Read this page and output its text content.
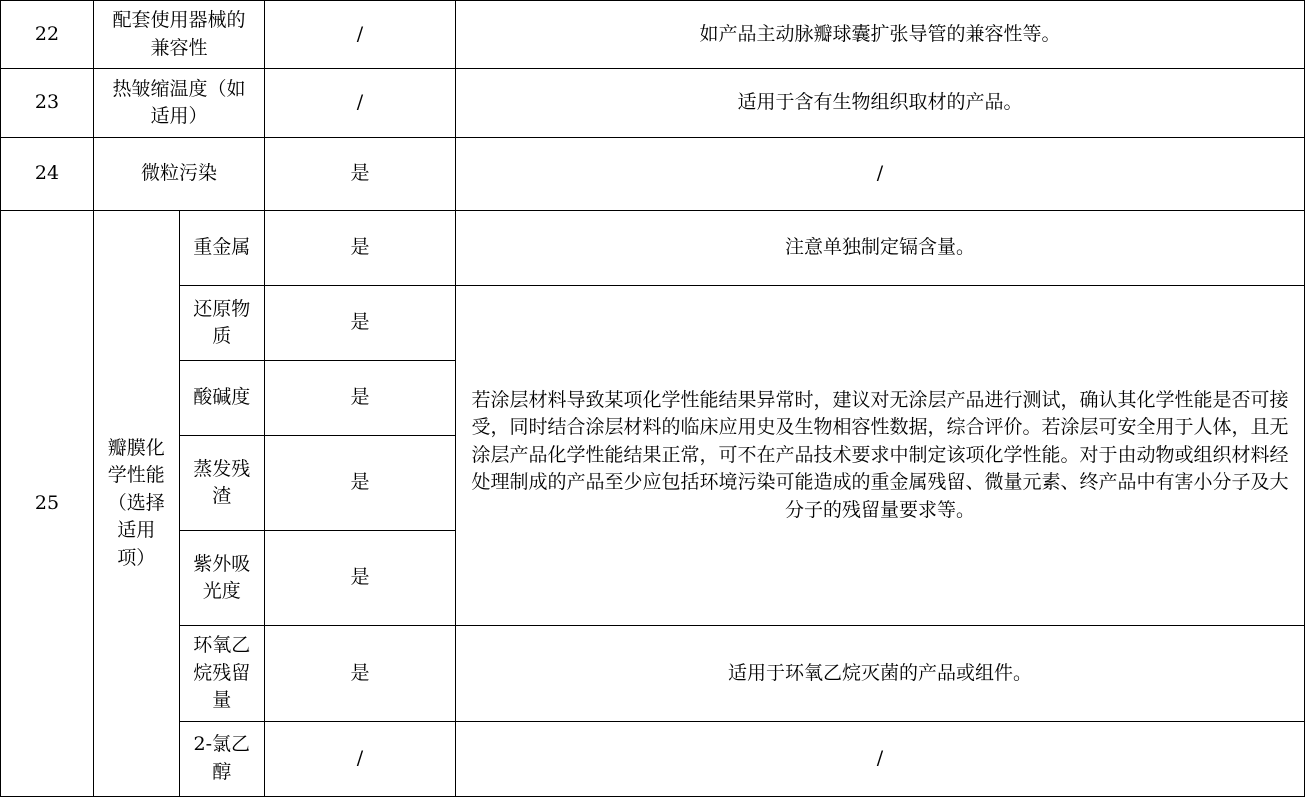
22	配套使用器械的兼容性		/	如产品主动脉瓣球囊扩张导管的兼容性等。
23	热皱缩温度（如适用）		/	适用于含有生物组织取材的产品。
24	微粒污染		是	/
25	瓣膜化学性能（选择适用项）	重金属	是	注意单独制定镉含量。
		还原物质	是	若涂层材料导致某项化学性能结果异常时，建议对无涂层产品进行测试，确认其化学性能是否可接受，同时结合涂层材料的临床应用史及生物相容性数据，综合评价。若涂层可安全用于人体，且无涂层产品化学性能结果正常，可不在产品技术要求中制定该项化学性能。对于由动物或组织材料经处理制成的产品至少应包括环境污染可能造成的重金属残留、微量元素、终产品中有害小分子及大分子的残留量要求等。
		酸碱度	是	
		蒸发残渣	是	
		紫外吸光度	是	
		环氧乙烷残留量	是	适用于环氧乙烷灭菌的产品或组件。
		2-氯乙醇	/	/
